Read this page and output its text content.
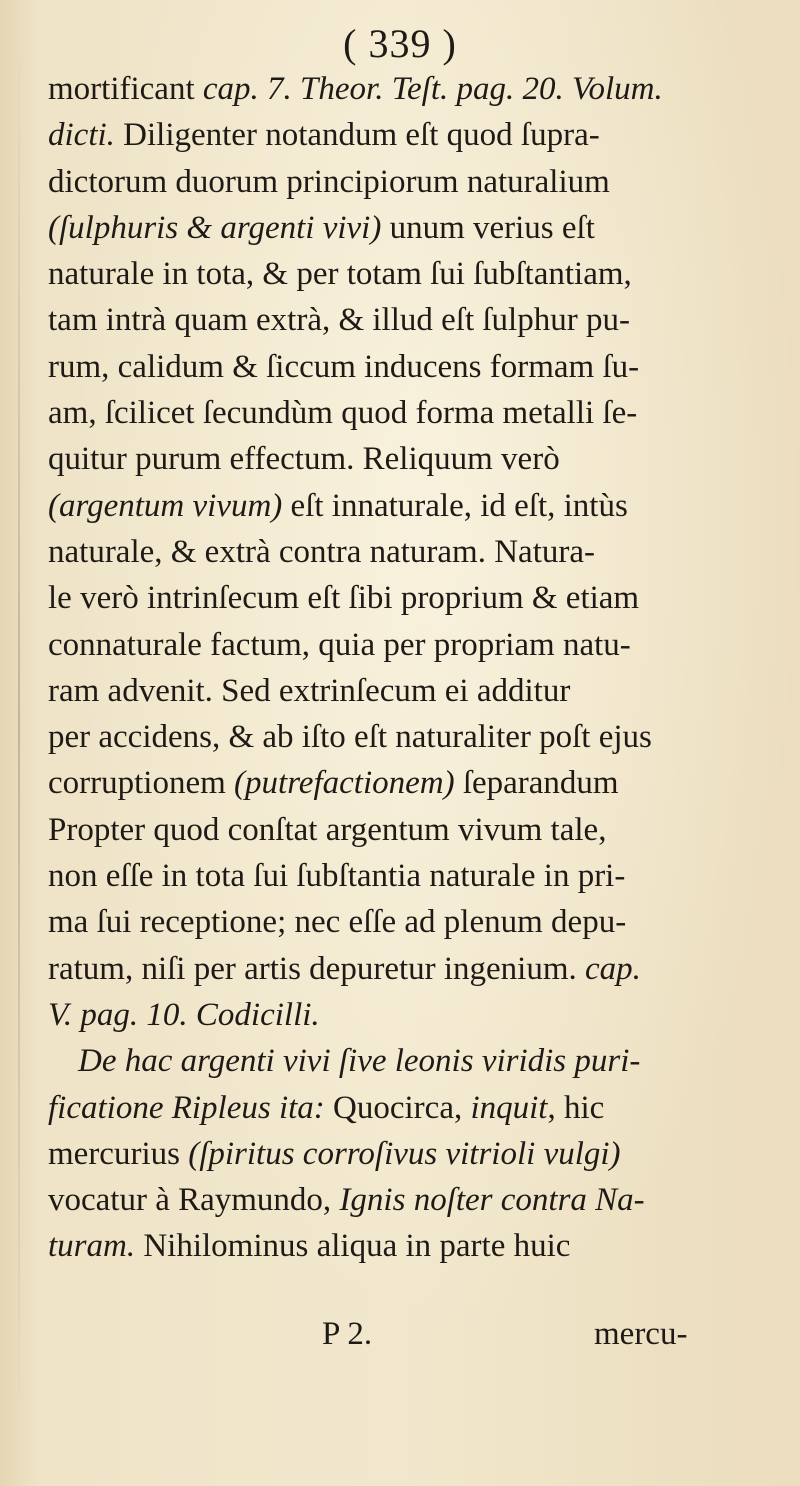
( 339 )
mortificant cap. 7. Theor. Teſt. pag. 20. Volum.
dicti. Diligenter notandum eſt quod ſupra-
dictorum duorum principiorum naturalium
(ſulphuris & argenti vivi) unum verius eſt
naturale in tota, & per totam ſui ſubſtantiam,
tam intrà quam extrà, & illud eſt ſulphur pu-
rum, calidum & ſiccum inducens formam ſu-
am, ſcilicet ſecundùm quod forma metalli ſe-
quitur purum effectum. Reliquum verò
(argentum vivum) eſt innaturale, id eſt, intùs
naturale, & extrà contra naturam. Natura-
le verò intrinſecum eſt ſibi proprium & etiam
connaturale factum, quia per propriam natu-
ram advenit. Sed extrinſecum ei additur
per accidens, & ab iſto eſt naturaliter poſt ejus
corruptionem (putrefactionem) ſeparandum
Propter quod conſtat argentum vivum tale,
non eſſe in tota ſui ſubſtantia naturale in pri-
ma ſui receptione; nec eſſe ad plenum depu-
ratum, niſi per artis depuretur ingenium. cap.
V. pag. 10. Codicilli.
De hac argenti vivi ſive leonis viridis puri-
ficatione Ripleus ita: Quocirca, inquit, hic
mercurius (ſpiritus corroſivus vitrioli vulgi)
vocatur à Raymundo, Ignis noſter contra Na-
turam. Nihilominus aliqua in parte huic
P 2.	mercu-
